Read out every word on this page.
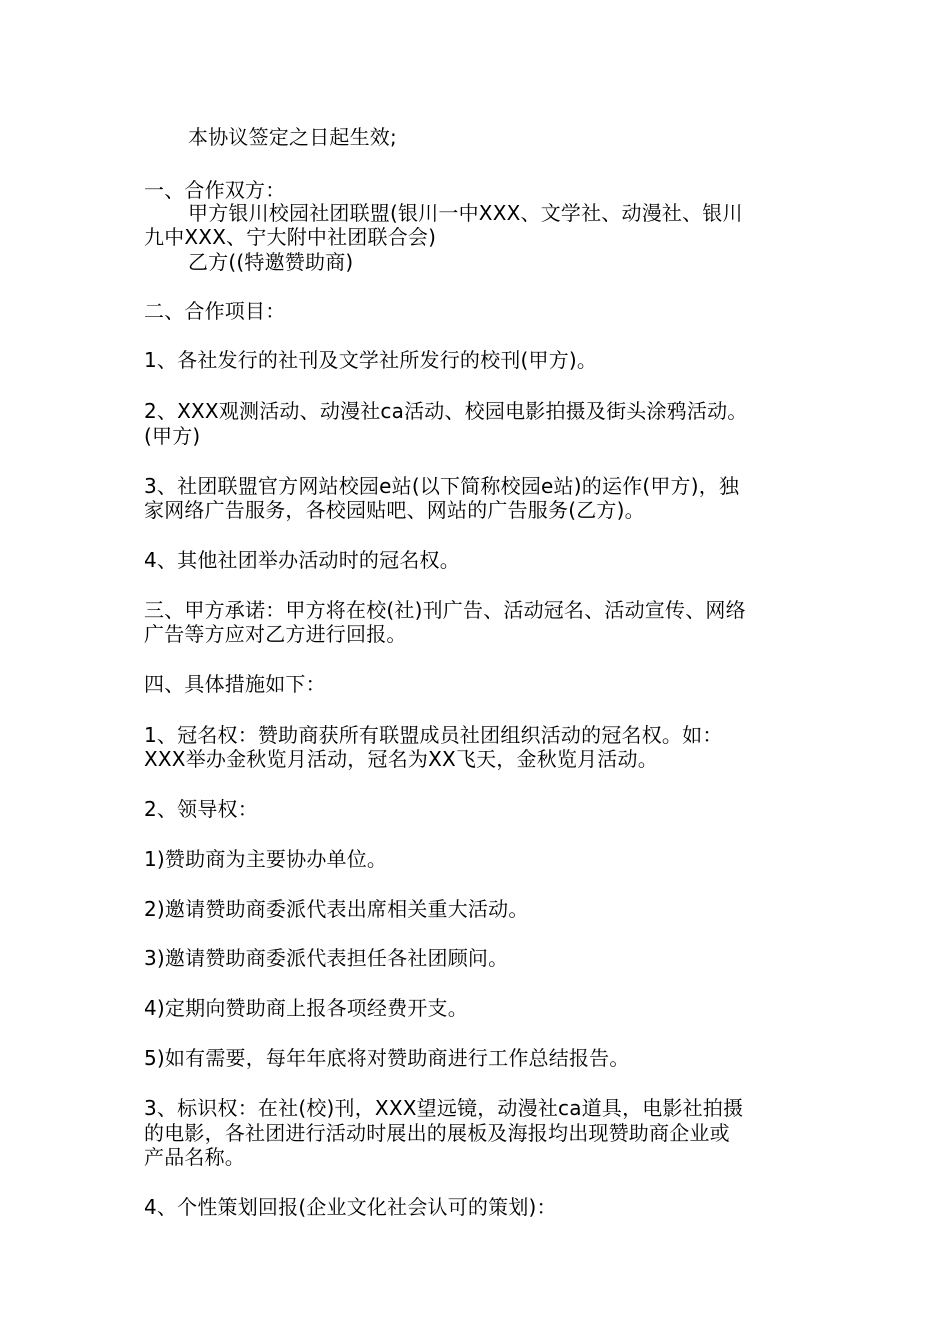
本协议签定之日起生效;
一、合作双方：
甲方银川校园社团联盟(银川一中XXX、文学社、动漫社、银川
九中XXX、宁大附中社团联合会)
乙方((特邀赞助商)
二、合作项目：
1、各社发行的社刊及文学社所发行的校刊(甲方)。
2、XXX观测活动、动漫社ca活动、校园电影拍摄及街头涂鸦活动。
(甲方)
3、社团联盟官方网站校园e站(以下简称校园e站)的运作(甲方)，独
家网络广告服务，各校园贴吧、网站的广告服务(乙方)。
4、其他社团举办活动时的冠名权。
三、甲方承诺：甲方将在校(社)刊广告、活动冠名、活动宣传、网络
广告等方应对乙方进行回报。
四、具体措施如下：
1、冠名权：赞助商获所有联盟成员社团组织活动的冠名权。如：
XXX举办金秋览月活动，冠名为XX飞天，金秋览月活动。
2、领导权：
1)赞助商为主要协办单位。
2)邀请赞助商委派代表出席相关重大活动。
3)邀请赞助商委派代表担任各社团顾问。
4)定期向赞助商上报各项经费开支。
5)如有需要，每年年底将对赞助商进行工作总结报告。
3、标识权：在社(校)刊，XXX望远镜，动漫社ca道具，电影社拍摄
的电影，各社团进行活动时展出的展板及海报均出现赞助商企业或
产品名称。
4、个性策划回报(企业文化社会认可的策划)：
